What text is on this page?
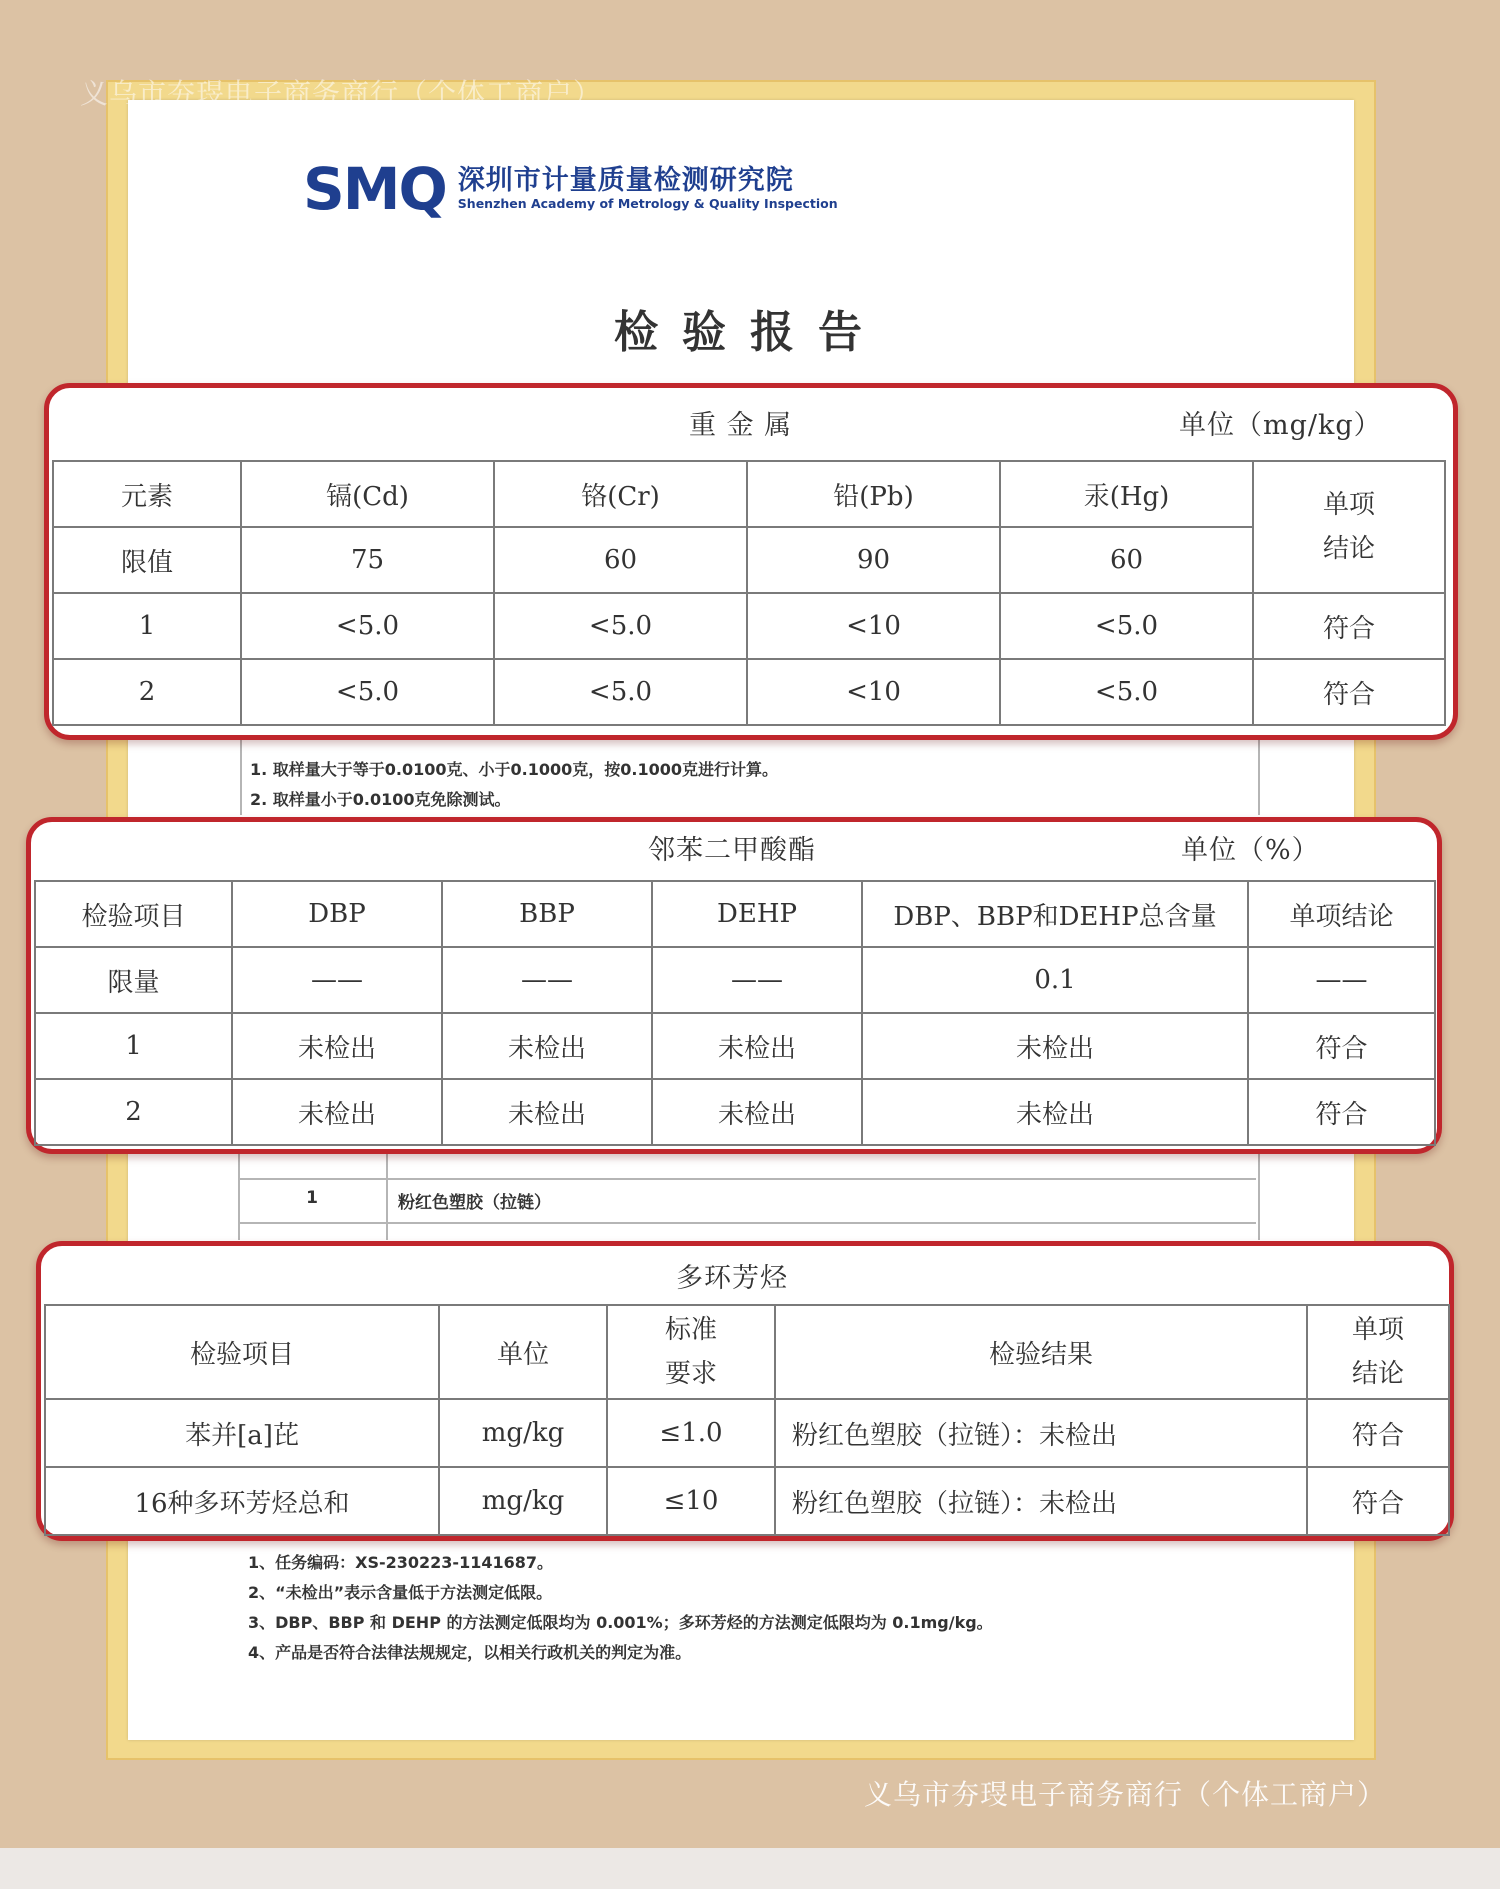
义乌市夯琝电子商务商行（个体工商户）
SMQ 深圳市计量质量检测研究院
Shenzhen Academy of Metrology & Quality Inspection
检验报告
1. 取样量大于等于0.0100克、小于0.1000克，按0.1000克进行计算。
2. 取样量小于0.0100克免除测试。
1	粉红色塑胶（拉链）
1、任务编码：XS-230223-1141687。
2、“未检出”表示含量低于方法测定低限。
3、DBP、BBP 和 DEHP 的方法测定低限均为 0.001%；多环芳烃的方法测定低限均为 0.1mg/kg。
4、产品是否符合法律法规规定，以相关行政机关的判定为准。
重 金 属	单位（mg/kg）
元素	镉(Cd)	铬(Cr)	铅(Pb)	汞(Hg)	单项结论

限值	75	60	90	60	
1	<5.0	<5.0	<10	<5.0	符合
2	<5.0	<5.0	<10	<5.0	符合
邻苯二甲酸酯	单位（%）
检验项目	DBP	BBP	DEHP	DBP、BBP和DEHP总含量	单项结论
限量	——	——	——	0.1	——
1	未检出	未检出	未检出	未检出	符合
2	未检出	未检出	未检出	未检出	符合
多环芳烃
检验项目	单位	标准要求	检验结果	单项结论

苯并[a]芘	mg/kg	≤1.0	粉红色塑胶（拉链）：未检出	符合
16种多环芳烃总和	mg/kg	≤10	粉红色塑胶（拉链）：未检出	符合
义乌市夯琝电子商务商行（个体工商户）
